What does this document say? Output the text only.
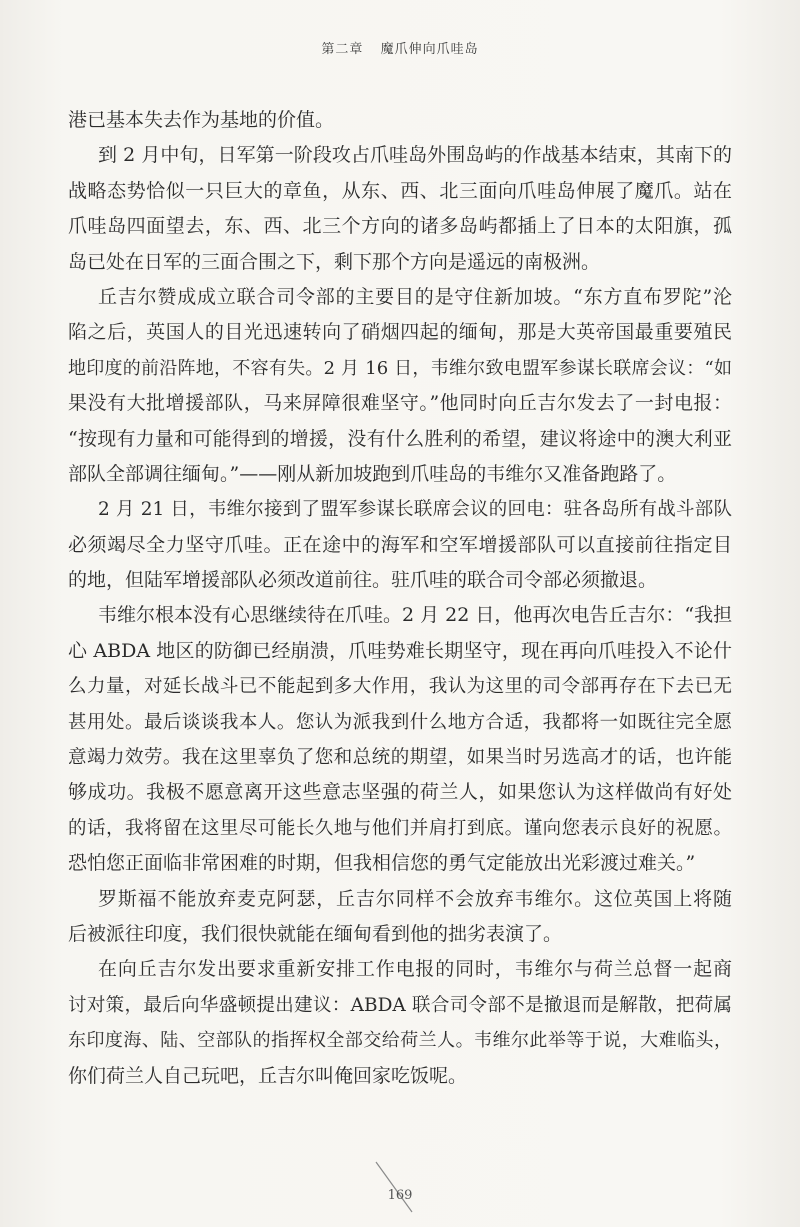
第二章 魔爪伸向爪哇岛
港已基本失去作为基地的价值。
到 2 月中旬，日军第一阶段攻占爪哇岛外围岛屿的作战基本结束，其南下的
战略态势恰似一只巨大的章鱼，从东、西、北三面向爪哇岛伸展了魔爪。站在
爪哇岛四面望去，东、西、北三个方向的诸多岛屿都插上了日本的太阳旗，孤
岛已处在日军的三面合围之下，剩下那个方向是遥远的南极洲。
丘吉尔赞成成立联合司令部的主要目的是守住新加坡。“东方直布罗陀”沦
陷之后，英国人的目光迅速转向了硝烟四起的缅甸，那是大英帝国最重要殖民
地印度的前沿阵地，不容有失。2 月 16 日，韦维尔致电盟军参谋长联席会议：“如
果没有大批增援部队，马来屏障很难坚守。”他同时向丘吉尔发去了一封电报：
“按现有力量和可能得到的增援，没有什么胜利的希望，建议将途中的澳大利亚
部队全部调往缅甸。”——刚从新加坡跑到爪哇岛的韦维尔又准备跑路了。
2 月 21 日，韦维尔接到了盟军参谋长联席会议的回电：驻各岛所有战斗部队
必须竭尽全力坚守爪哇。正在途中的海军和空军增援部队可以直接前往指定目
的地，但陆军增援部队必须改道前往。驻爪哇的联合司令部必须撤退。
韦维尔根本没有心思继续待在爪哇。2 月 22 日，他再次电告丘吉尔：“我担
心 ABDA 地区的防御已经崩溃，爪哇势难长期坚守，现在再向爪哇投入不论什
么力量，对延长战斗已不能起到多大作用，我认为这里的司令部再存在下去已无
甚用处。最后谈谈我本人。您认为派我到什么地方合适，我都将一如既往完全愿
意竭力效劳。我在这里辜负了您和总统的期望，如果当时另选高才的话，也许能
够成功。我极不愿意离开这些意志坚强的荷兰人，如果您认为这样做尚有好处
的话，我将留在这里尽可能长久地与他们并肩打到底。谨向您表示良好的祝愿。
恐怕您正面临非常困难的时期，但我相信您的勇气定能放出光彩渡过难关。”
罗斯福不能放弃麦克阿瑟，丘吉尔同样不会放弃韦维尔。这位英国上将随
后被派往印度，我们很快就能在缅甸看到他的拙劣表演了。
在向丘吉尔发出要求重新安排工作电报的同时，韦维尔与荷兰总督一起商
讨对策，最后向华盛顿提出建议：ABDA 联合司令部不是撤退而是解散，把荷属
东印度海、陆、空部队的指挥权全部交给荷兰人。韦维尔此举等于说，大难临头，
你们荷兰人自己玩吧，丘吉尔叫俺回家吃饭呢。
169
